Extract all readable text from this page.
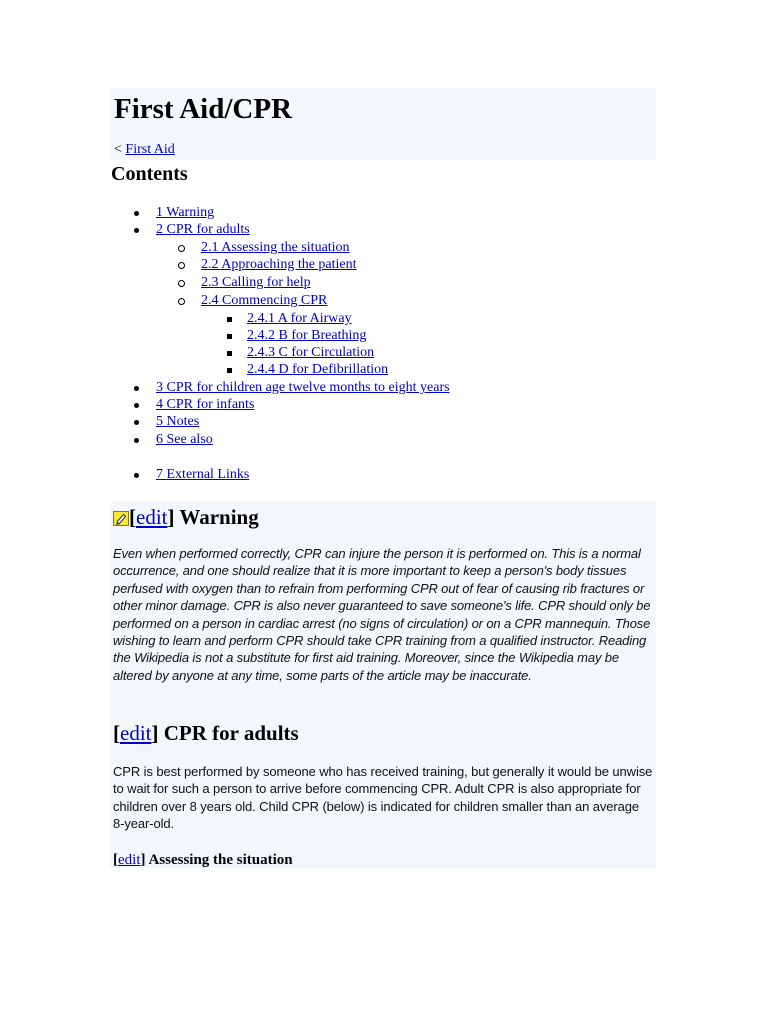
First Aid/CPR
< First Aid
Contents
1 Warning
2 CPR for adults
2.1 Assessing the situation
2.2 Approaching the patient
2.3 Calling for help
2.4 Commencing CPR
2.4.1 A for Airway
2.4.2 B for Breathing
2.4.3 C for Circulation
2.4.4 D for Defibrillation
3 CPR for children age twelve months to eight years
4 CPR for infants
5 Notes
6 See also
7 External Links
[edit] Warning

Even when performed correctly, CPR can injure the person it is performed on. This is a normal occurrence, and one should realize that it is more important to keep a person's body tissues perfused with oxygen than to refrain from performing CPR out of fear of causing rib fractures or other minor damage. CPR is also never guaranteed to save someone's life. CPR should only be performed on a person in cardiac arrest (no signs of circulation) or on a CPR mannequin. Those wishing to learn and perform CPR should take CPR training from a qualified instructor. Reading the Wikipedia is not a substitute for first aid training. Moreover, since the Wikipedia may be altered by anyone at any time, some parts of the article may be inaccurate.

[edit] CPR for adults

CPR is best performed by someone who has received training, but generally it would be unwise to wait for such a person to arrive before commencing CPR. Adult CPR is also appropriate for children over 8 years old. Child CPR (below) is indicated for children smaller than an average 8-year-old.

[edit] Assessing the situation
